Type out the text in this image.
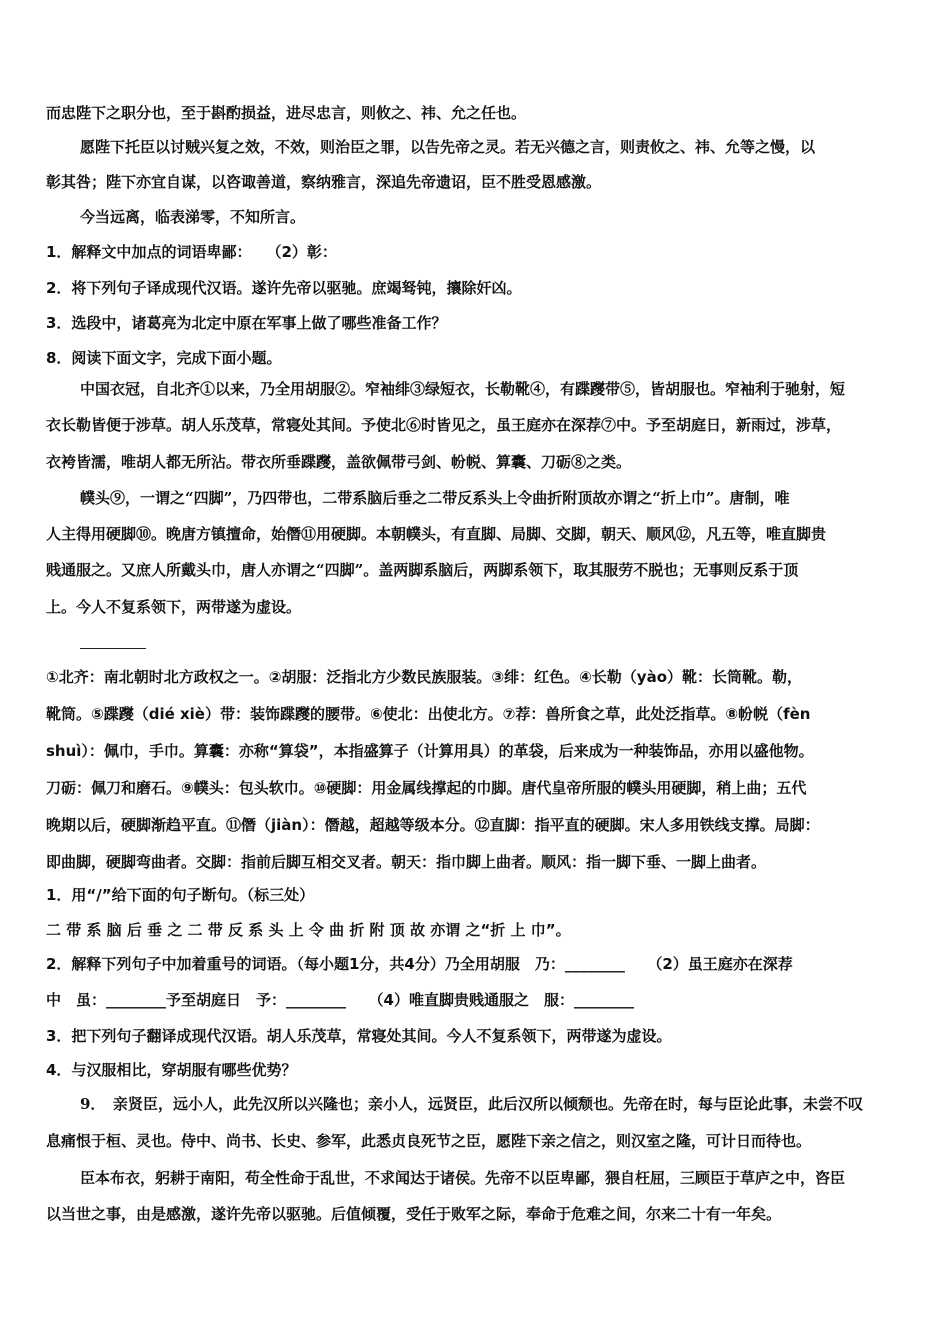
而忠陛下之职分也，至于斟酌损益，进尽忠言，则攸之、祎、允之任也。
愿陛下托臣以讨贼兴复之效，不效，则治臣之罪，以告先帝之灵。若无兴德之言，则责攸之、祎、允等之慢，以
彰其咎；陛下亦宜自谋，以咨诹善道，察纳雅言，深追先帝遗诏，臣不胜受恩感激。
今当远离，临表涕零，不知所言。
1．解释文中加点的词语卑鄙：　　（2）彰：
2．将下列句子译成现代汉语。遂许先帝以驱驰。庶竭驽钝，攘除奸凶。
3．选段中，诸葛亮为北定中原在军事上做了哪些准备工作？
8．阅读下面文字，完成下面小题。
中国衣冠，自北齐①以来，乃全用胡服②。窄袖绯③绿短衣，长勒靴④，有蹀躞带⑤，皆胡服也。窄袖利于驰射，短
衣长勒皆便于涉草。胡人乐茂草，常寝处其间。予使北⑥时皆见之，虽王庭亦在深荐⑦中。予至胡庭日，新雨过，涉草，
衣袴皆濡，唯胡人都无所沾。带衣所垂蹀躞，盖欲佩带弓剑、帉帨、算囊、刀砺⑧之类。
幞头⑨，一谓之“四脚”，乃四带也，二带系脑后垂之二带反系头上令曲折附顶故亦谓之“折上巾”。唐制，唯
人主得用硬脚⑩。晚唐方镇擅命，始僭⑪用硬脚。本朝幞头，有直脚、局脚、交脚，朝天、顺风⑫，凡五等，唯直脚贵
贱通服之。又庶人所戴头巾，唐人亦谓之“四脚”。盖两脚系脑后，两脚系领下，取其服劳不脱也；无事则反系于顶
上。今人不复系领下，两带遂为虚设。
①北齐：南北朝时北方政权之一。②胡服：泛指北方少数民族服装。③绯：红色。④长勒（yào）靴：长筒靴。勒，
靴筒。⑤蹀躞（dié xiè）带：装饰蹀躞的腰带。⑥使北：出使北方。⑦荐：兽所食之草，此处泛指草。⑧帉帨（fèn
shuì）：佩巾，手巾。算囊：亦称“算袋”，本指盛算子（计算用具）的革袋，后来成为一种装饰品，亦用以盛他物。
刀砺：佩刀和磨石。⑨幞头：包头软巾。⑩硬脚：用金属线撑起的巾脚。唐代皇帝所服的幞头用硬脚，稍上曲；五代
晚期以后，硬脚渐趋平直。⑪僭（jiàn）：僭越，超越等级本分。⑫直脚：指平直的硬脚。宋人多用铁线支撑。局脚：
即曲脚，硬脚弯曲者。交脚：指前后脚互相交叉者。朝天：指巾脚上曲者。顺风：指一脚下垂、一脚上曲者。
1．用“/”给下面的句子断句。（标三处）
二 带 系 脑 后 垂 之 二 带 反 系 头 上 令 曲 折 附 顶 故 亦谓 之“折 上 巾”。
2．解释下列句子中加着重号的词语。（每小题1分，共4分）乃全用胡服　乃：________　　（2）虽王庭亦在深荐
中　虽：________予至胡庭日　予：________　　（4）唯直脚贵贱通服之　服：________
3．把下列句子翻译成现代汉语。胡人乐茂草，常寝处其间。今人不复系领下，两带遂为虚设。
4．与汉服相比，穿胡服有哪些优势？
9．　亲贤臣，远小人，此先汉所以兴隆也；亲小人，远贤臣，此后汉所以倾颓也。先帝在时，每与臣论此事，未尝不叹
息痛恨于桓、灵也。侍中、尚书、长史、参军，此悉贞良死节之臣，愿陛下亲之信之，则汉室之隆，可计日而待也。
臣本布衣，躬耕于南阳，苟全性命于乱世，不求闻达于诸侯。先帝不以臣卑鄙，猥自枉屈，三顾臣于草庐之中，咨臣
以当世之事，由是感激，遂许先帝以驱驰。后值倾覆，受任于败军之际，奉命于危难之间，尔来二十有一年矣。
